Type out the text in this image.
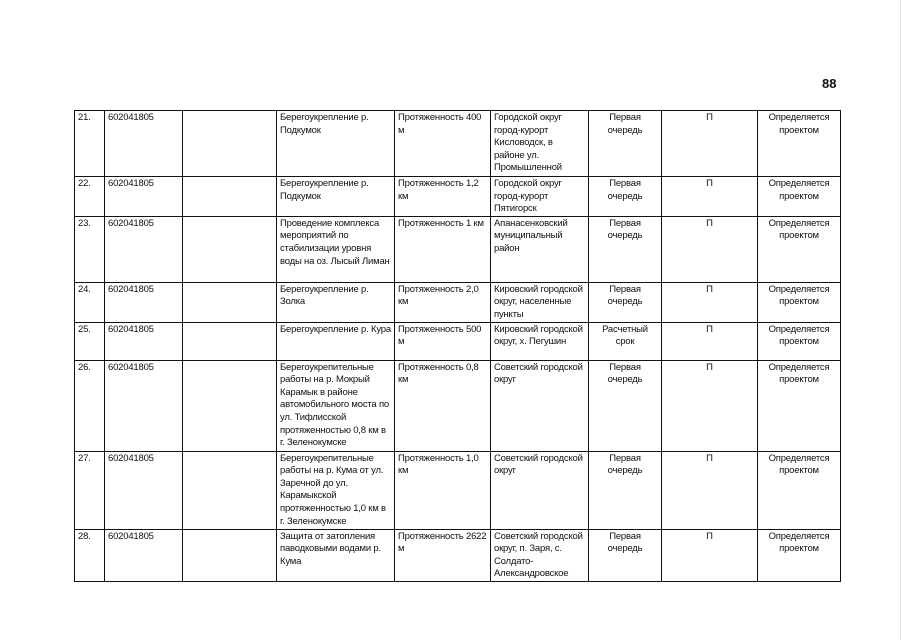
88
21.	602041805		Берегоукрепление р. Подкумок	Протяженность 400 м	Городской округ город-курорт Кисловодск, в районе ул. Промышленной	Первая очередь	П	Определяется проектом
22.	602041805		Берегоукрепление р. Подкумок	Протяженность 1,2 км	Городской округ город-курорт Пятигорск	Первая очередь	П	Определяется проектом
23.	602041805		Проведение комплекса мероприятий по стабилизации уровня воды на оз. Лысый Лиман	Протяженность 1 км	Апанасенковский муниципальный район	Первая очередь	П	Определяется проектом
24.	602041805		Берегоукрепление р. Золка	Протяженность 2,0 км	Кировский городской округ, населенные пункты	Первая очередь	П	Определяется проектом
25.	602041805		Берегоукрепление р. Кура	Протяженность 500 м	Кировский городской округ, х. Пегушин	Расчетный срок	П	Определяется проектом
26.	602041805		Берегоукрепительные работы на р. Мокрый Карамык в районе автомобильного моста по ул. Тифлисской протяженностью 0,8 км в г. Зеленокумске	Протяженность 0,8 км	Советский городской округ	Первая очередь	П	Определяется проектом
27.	602041805		Берегоукрепительные работы на р. Кума от ул. Заречной до ул. Карамыкской протяженностью 1,0 км в г. Зеленокумске	Протяженность 1,0 км	Советский городской округ	Первая очередь	П	Определяется проектом
28.	602041805		Защита от затопления паводковыми водами р. Кума	Протяженность 2622 м	Советский городской округ, п. Заря, с. Солдато-Александровское	Первая очередь	П	Определяется проектом
